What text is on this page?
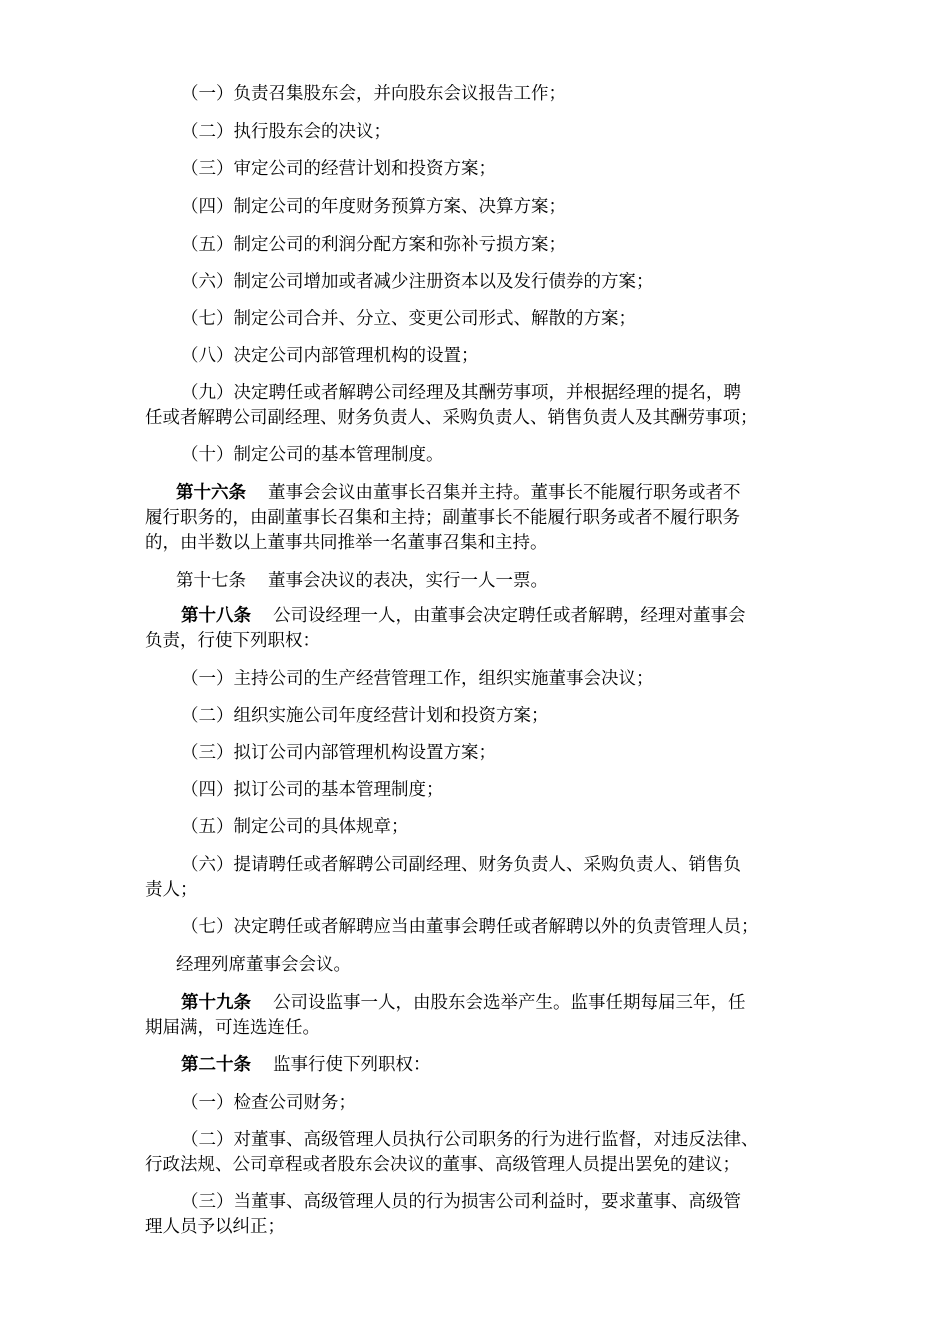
（一）负责召集股东会，并向股东会议报告工作；
（二）执行股东会的决议；
（三）审定公司的经营计划和投资方案；
（四）制定公司的年度财务预算方案、决算方案；
（五）制定公司的利润分配方案和弥补亏损方案；
（六）制定公司增加或者减少注册资本以及发行债券的方案；
（七）制定公司合并、分立、变更公司形式、解散的方案；
（八）决定公司内部管理机构的设置；
（九）决定聘任或者解聘公司经理及其酬劳事项，并根据经理的提名，聘
任或者解聘公司副经理、财务负责人、采购负责人、销售负责人及其酬劳事项；
（十）制定公司的基本管理制度。
第十六条 董事会会议由董事长召集并主持。董事长不能履行职务或者不
履行职务的，由副董事长召集和主持；副董事长不能履行职务或者不履行职务
的，由半数以上董事共同推举一名董事召集和主持。
第十七条 董事会决议的表决，实行一人一票。
第十八条 公司设经理一人，由董事会决定聘任或者解聘，经理对董事会
负责，行使下列职权：
（一）主持公司的生产经营管理工作，组织实施董事会决议；
（二）组织实施公司年度经营计划和投资方案；
（三）拟订公司内部管理机构设置方案；
（四）拟订公司的基本管理制度；
（五）制定公司的具体规章；
（六）提请聘任或者解聘公司副经理、财务负责人、采购负责人、销售负
责人；
（七）决定聘任或者解聘应当由董事会聘任或者解聘以外的负责管理人员；
经理列席董事会会议。
第十九条 公司设监事一人，由股东会选举产生。监事任期每届三年，任
期届满，可连选连任。
第二十条 监事行使下列职权：
（一）检查公司财务；
（二）对董事、高级管理人员执行公司职务的行为进行监督，对违反法律、
行政法规、公司章程或者股东会决议的董事、高级管理人员提出罢免的建议；
（三）当董事、高级管理人员的行为损害公司利益时，要求董事、高级管
理人员予以纠正；
